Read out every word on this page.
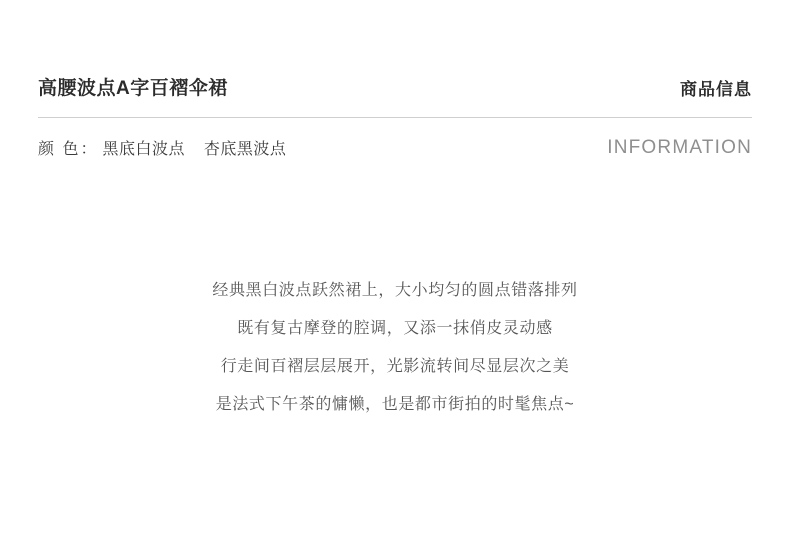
高腰波点A字百褶伞裙	商品信息
颜 色： 黑底白波点 杏底黑波点	INFORMATION
经典黑白波点跃然裙上，大小均匀的圆点错落排列
既有复古摩登的腔调，又添一抹俏皮灵动感
行走间百褶层层展开，光影流转间尽显层次之美
是法式下午茶的慵懒，也是都市街拍的时髦焦点~
